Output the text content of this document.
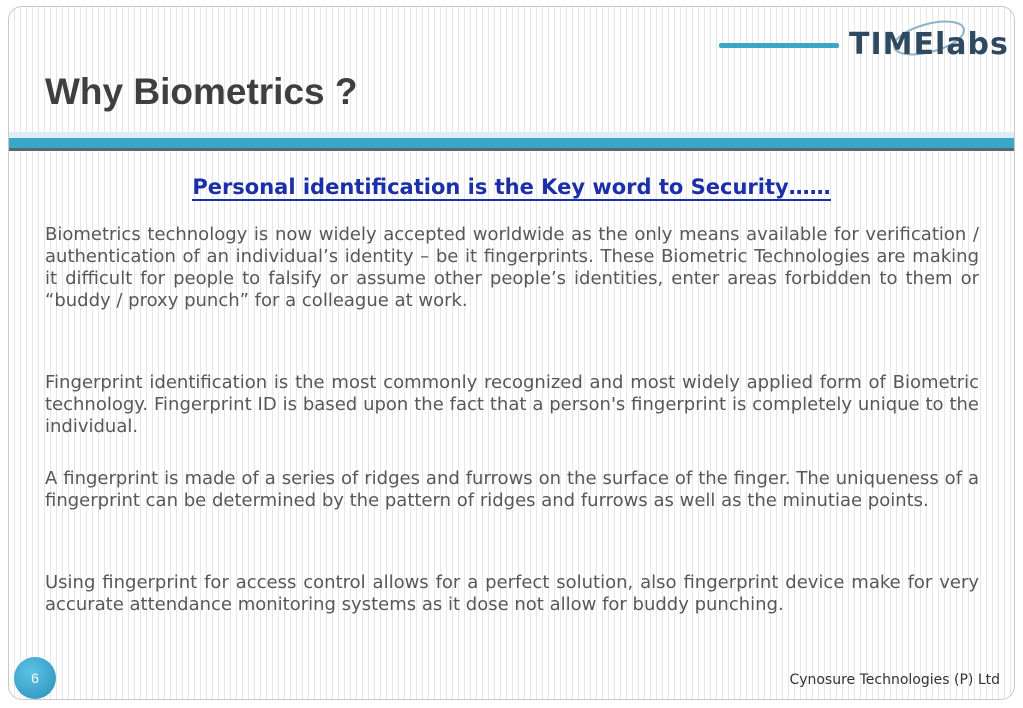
TIMElabs
Why Biometrics ?

Personal identification is the Key word to Security……

Biometrics technology is now widely accepted worldwide as the only means available for verification / authentication of an individual’s identity – be it fingerprints. These Biometric Technologies are making it difficult for people to falsify or assume other people’s identities, enter areas forbidden to them or “buddy / proxy punch” for a colleague at work.

Fingerprint identification is the most commonly recognized and most widely applied form of Biometric technology. Fingerprint ID is based upon the fact that a person's fingerprint is completely unique to the individual.

A fingerprint is made of a series of ridges and furrows on the surface of the finger. The uniqueness of a fingerprint can be determined by the pattern of ridges and furrows as well as the minutiae points.

Using fingerprint for access control allows for a perfect solution, also fingerprint device make for very accurate attendance monitoring systems as it dose not allow for buddy punching.

6	Cynosure Technologies (P) Ltd
